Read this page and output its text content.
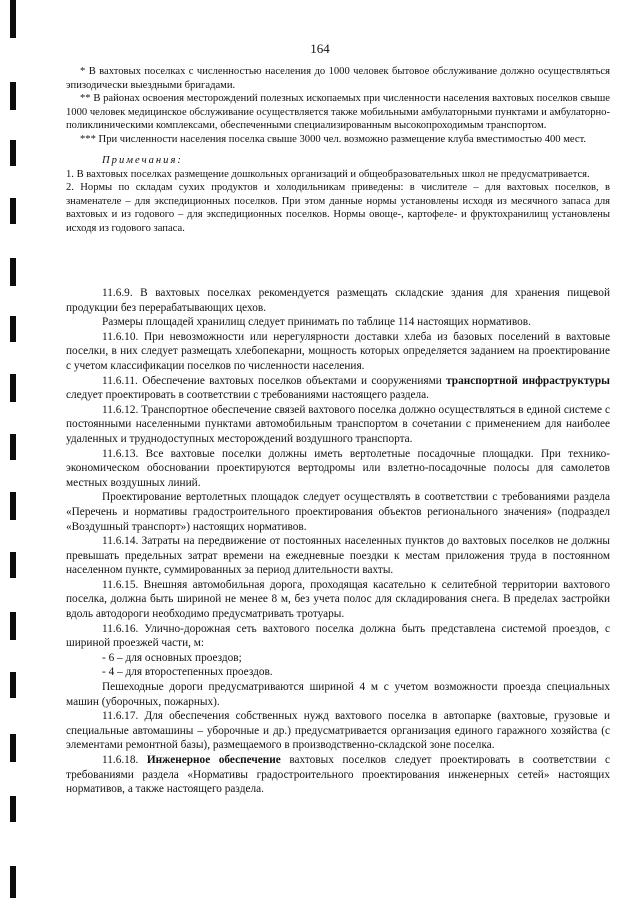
164

* В вахтовых поселках с численностью населения до 1000 человек бытовое обслуживание должно осуществляться эпизодически выездными бригадами.

** В районах освоения месторождений полезных ископаемых при численности населения вахтовых поселков свыше 1000 человек медицинское обслуживание осуществляется также мобильными амбулаторными пунктами и амбулаторно-поликлиническими комплексами, обеспеченными специализированным высокопроходимым транспортом.

*** При численности населения поселка свыше 3000 чел. возможно размещение клуба вместимостью 400 мест.

Примечания:

1. В вахтовых поселках размещение дошкольных организаций и общеобразовательных школ не предусматривается.

2. Нормы по складам сухих продуктов и холодильникам приведены: в числителе – для вахтовых поселков, в знаменателе – для экспедиционных поселков. При этом данные нормы установлены исходя из месячного запаса для вахтовых и из годового – для экспедиционных поселков. Нормы овоще-, картофеле- и фруктохранилищ установлены исходя из годового запаса.

11.6.9. В вахтовых поселках рекомендуется размещать складские здания для хранения пищевой продукции без перерабатывающих цехов.

Размеры площадей хранилищ следует принимать по таблице 114 настоящих нормативов.

11.6.10. При невозможности или нерегулярности доставки хлеба из базовых поселений в вахтовые поселки, в них следует размещать хлебопекарни, мощность которых определяется заданием на проектирование с учетом классификации поселков по численности населения.

11.6.11. Обеспечение вахтовых поселков объектами и сооружениями транспортной инфраструктуры следует проектировать в соответствии с требованиями настоящего раздела.

11.6.12. Транспортное обеспечение связей вахтового поселка должно осуществляться в единой системе с постоянными населенными пунктами автомобильным транспортом в сочетании с применением для наиболее удаленных и труднодоступных месторождений воздушного транспорта.

11.6.13. Все вахтовые поселки должны иметь вертолетные посадочные площадки. При технико-экономическом обосновании проектируются вертодромы или взлетно-посадочные полосы для самолетов местных воздушных линий.

Проектирование вертолетных площадок следует осуществлять в соответствии с требованиями раздела «Перечень и нормативы градостроительного проектирования объектов регионального значения» (подраздел «Воздушный транспорт») настоящих нормативов.

11.6.14. Затраты на передвижение от постоянных населенных пунктов до вахтовых поселков не должны превышать предельных затрат времени на ежедневные поездки к местам приложения труда в постоянном населенном пункте, суммированных за период длительности вахты.

11.6.15. Внешняя автомобильная дорога, проходящая касательно к селитебной территории вахтового поселка, должна быть шириной не менее 8 м, без учета полос для складирования снега. В пределах застройки вдоль автодороги необходимо предусматривать тротуары.

11.6.16. Улично-дорожная сеть вахтового поселка должна быть представлена системой проездов, с шириной проезжей части, м:

- 6 – для основных проездов;

- 4 – для второстепенных проездов.

Пешеходные дороги предусматриваются шириной 4 м с учетом возможности проезда специальных машин (уборочных, пожарных).

11.6.17. Для обеспечения собственных нужд вахтового поселка в автопарке (вахтовые, грузовые и специальные автомашины – уборочные и др.) предусматривается организация единого гаражного хозяйства (с элементами ремонтной базы), размещаемого в производственно-складской зоне поселка.

11.6.18. Инженерное обеспечение вахтовых поселков следует проектировать в соответствии с требованиями раздела «Нормативы градостроительного проектирования инженерных сетей» настоящих нормативов, а также настоящего раздела.
